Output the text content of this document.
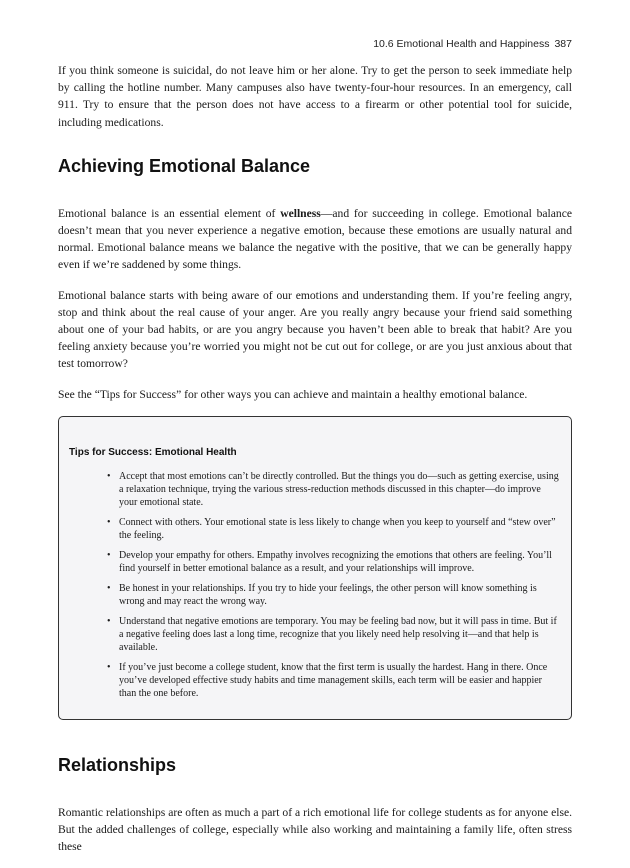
10.6 Emotional Health and Happiness 387

If you think someone is suicidal, do not leave him or her alone. Try to get the person to seek immediate help by calling the hotline number. Many campuses also have twenty-four-hour resources. In an emergency, call 911. Try to ensure that the person does not have access to a firearm or other potential tool for suicide, including medications.

Achieving Emotional Balance

Emotional balance is an essential element of wellness—and for succeeding in college. Emotional balance doesn’t mean that you never experience a negative emotion, because these emotions are usually natural and normal. Emotional balance means we balance the negative with the positive, that we can be generally happy even if we’re saddened by some things.

Emotional balance starts with being aware of our emotions and understanding them. If you’re feeling angry, stop and think about the real cause of your anger. Are you really angry because your friend said something about one of your bad habits, or are you angry because you haven’t been able to break that habit? Are you feeling anxiety because you’re worried you might not be cut out for college, or are you just anxious about that test tomorrow?

See the “Tips for Success” for other ways you can achieve and maintain a healthy emotional balance.

Tips for Success: Emotional Health
• Accept that most emotions can’t be directly controlled. But the things you do—such as getting exercise, using a relaxation technique, trying the various stress-reduction methods discussed in this chapter—do improve your emotional state.
• Connect with others. Your emotional state is less likely to change when you keep to yourself and “stew over” the feeling.
• Develop your empathy for others. Empathy involves recognizing the emotions that others are feeling. You’ll find yourself in better emotional balance as a result, and your relationships will improve.
• Be honest in your relationships. If you try to hide your feelings, the other person will know something is wrong and may react the wrong way.
• Understand that negative emotions are temporary. You may be feeling bad now, but it will pass in time. But if a negative feeling does last a long time, recognize that you likely need help resolving it—and that help is available.
• If you’ve just become a college student, know that the first term is usually the hardest. Hang in there. Once you’ve developed effective study habits and time management skills, each term will be easier and happier than the one before.
Relationships

Romantic relationships are often as much a part of a rich emotional life for college students as for anyone else. But the added challenges of college, especially while also working and maintaining a family life, often stress these
